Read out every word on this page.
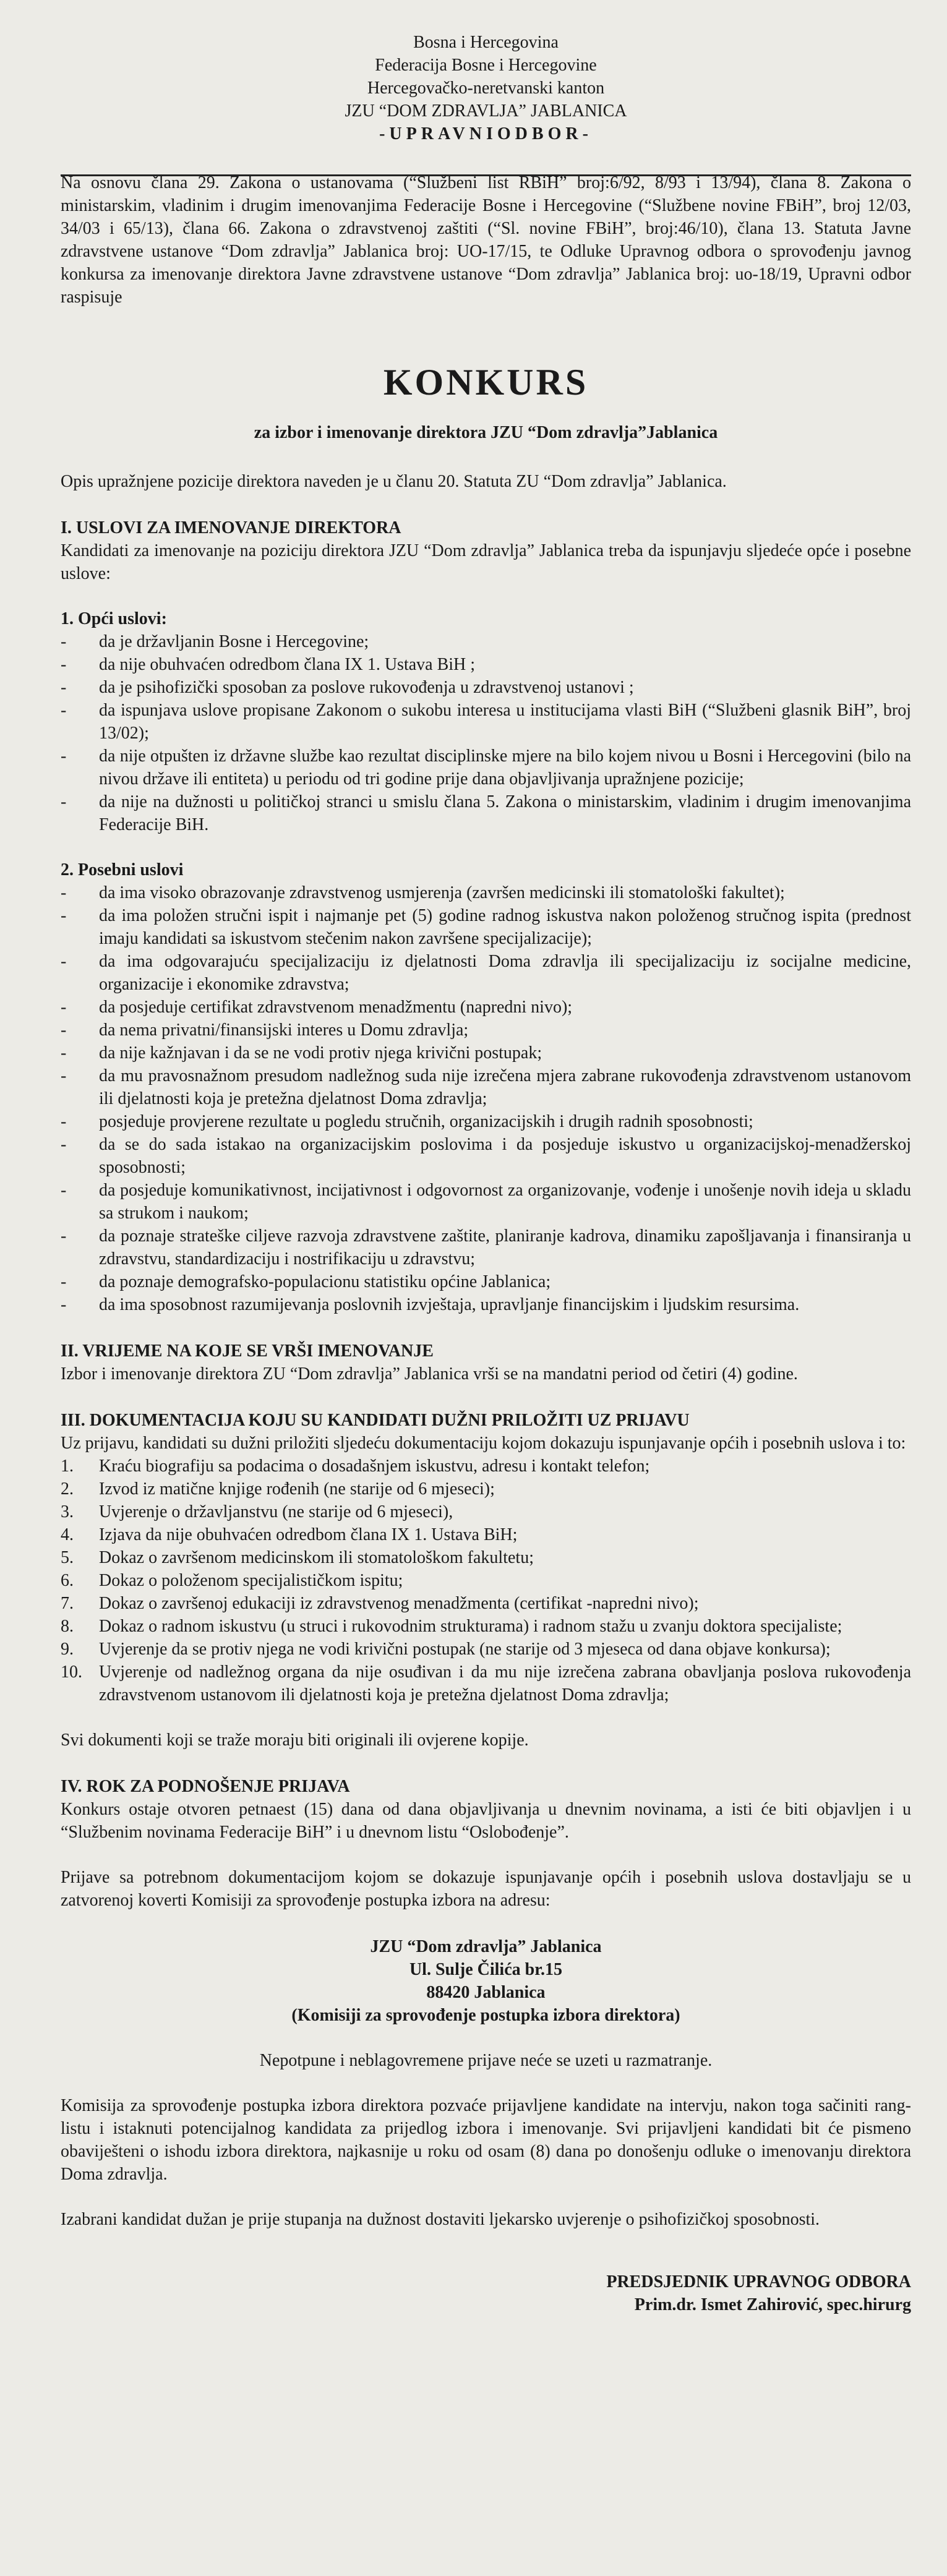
Bosna i Hercegovina
Federacija Bosne i Hercegovine
Hercegovačko-neretvanski kanton
JZU “DOM ZDRAVLJA” JABLANICA
-UPRAVNIODBOR-
Na osnovu člana 29. Zakona o ustanovama (“Službeni list RBiH” broj:6/92, 8/93 i 13/94), člana 8. Zakona o ministarskim, vladinim i drugim imenovanjima Federacije Bosne i Hercegovine (“Službene novine FBiH”, broj 12/03, 34/03 i 65/13), člana 66. Zakona o zdravstvenoj zaštiti (“Sl. novine FBiH”, broj:46/10), člana 13. Statuta Javne zdravstvene ustanove “Dom zdravlja” Jablanica broj: UO-17/15, te Odluke Upravnog odbora o sprovođenju javnog konkursa za imenovanje direktora Javne zdravstvene ustanove “Dom zdravlja” Jablanica broj: uo-18/19, Upravni odbor raspisuje
KONKURS
za izbor i imenovanje direktora JZU “Dom zdravlja”Jablanica
Opis upražnjene pozicije direktora naveden je u članu 20. Statuta ZU “Dom zdravlja” Jablanica.
I. USLOVI ZA IMENOVANJE DIREKTORA
Kandidati za imenovanje na poziciju direktora JZU “Dom zdravlja” Jablanica treba da ispunjavju sljedeće opće i posebne uslove:
1. Opći uslovi:
- da je državljanin Bosne i Hercegovine;
- da nije obuhvaćen odredbom člana IX 1. Ustava BiH ;
- da je psihofizički sposoban za poslove rukovođenja u zdravstvenoj ustanovi ;
- da ispunjava uslove propisane Zakonom o sukobu interesa u institucijama vlasti BiH (“Službeni glasnik BiH”, broj 13/02);
- da nije otpušten iz državne službe kao rezultat disciplinske mjere na bilo kojem nivou u Bosni i Hercegovini (bilo na nivou države ili entiteta) u periodu od tri godine prije dana objavljivanja upražnjene pozicije;
- da nije na dužnosti u političkoj stranci u smislu člana 5. Zakona o ministarskim, vladinim i drugim imenovanjima Federacije BiH.
2. Posebni uslovi
- da ima visoko obrazovanje zdravstvenog usmjerenja (završen medicinski ili stomatološki fakultet);
- da ima položen stručni ispit i najmanje pet (5) godine radnog iskustva nakon položenog stručnog ispita (prednost imaju kandidati sa iskustvom stečenim nakon završene specijalizacije);
- da ima odgovarajuću specijalizaciju iz djelatnosti Doma zdravlja ili specijalizaciju iz socijalne medicine, organizacije i ekonomike zdravstva;
- da posjeduje certifikat zdravstvenom menadžmentu (napredni nivo);
- da nema privatni/finansijski interes u Domu zdravlja;
- da nije kažnjavan i da se ne vodi protiv njega krivični postupak;
- da mu pravosnažnom presudom nadležnog suda nije izrečena mjera zabrane rukovođenja zdravstvenom ustanovom ili djelatnosti koja je pretežna djelatnost Doma zdravlja;
- posjeduje provjerene rezultate u pogledu stručnih, organizacijskih i drugih radnih sposobnosti;
- da se do sada istakao na organizacijskim poslovima i da posjeduje iskustvo u organizacijskoj-menadžerskoj sposobnosti;
- da posjeduje komunikativnost, incijativnost i odgovornost za organizovanje, vođenje i unošenje novih ideja u skladu sa strukom i naukom;
- da poznaje strateške ciljeve razvoja zdravstvene zaštite, planiranje kadrova, dinamiku zapošljavanja i finansiranja u zdravstvu, standardizaciju i nostrifikaciju u zdravstvu;
- da poznaje demografsko-populacionu statistiku općine Jablanica;
- da ima sposobnost razumijevanja poslovnih izvještaja, upravljanje financijskim i ljudskim resursima.
II. VRIJEME NA KOJE SE VRŠI IMENOVANJE
Izbor i imenovanje direktora ZU “Dom zdravlja” Jablanica vrši se na mandatni period od četiri (4) godine.
III. DOKUMENTACIJA KOJU SU KANDIDATI DUŽNI PRILOŽITI UZ PRIJAVU
Uz prijavu, kandidati su dužni priložiti sljedeću dokumentaciju kojom dokazuju ispunjavanje općih i posebnih uslova i to:
1. Kraću biografiju sa podacima o dosadašnjem iskustvu, adresu i kontakt telefon;
2. Izvod iz matične knjige rođenih (ne starije od 6 mjeseci);
3. Uvjerenje o državljanstvu (ne starije od 6 mjeseci),
4. Izjava da nije obuhvaćen odredbom člana IX 1. Ustava BiH;
5. Dokaz o završenom medicinskom ili stomatološkom fakultetu;
6. Dokaz o položenom specijalističkom ispitu;
7. Dokaz o završenoj edukaciji iz zdravstvenog menadžmenta (certifikat -napredni nivo);
8. Dokaz o radnom iskustvu (u struci i rukovodnim strukturama) i radnom stažu u zvanju doktora specijaliste;
9. Uvjerenje da se protiv njega ne vodi krivični postupak (ne starije od 3 mjeseca od dana objave konkursa);
10. Uvjerenje od nadležnog organa da nije osuđivan i da mu nije izrečena zabrana obavljanja poslova rukovođenja zdravstvenom ustanovom ili djelatnosti koja je pretežna djelatnost Doma zdravlja;
Svi dokumenti koji se traže moraju biti originali ili ovjerene kopije.
IV. ROK ZA PODNOŠENJE PRIJAVA
Konkurs ostaje otvoren petnaest (15) dana od dana objavljivanja u dnevnim novinama, a isti će biti objavljen i u “Službenim novinama Federacije BiH” i u dnevnom listu “Oslobođenje”.
Prijave sa potrebnom dokumentacijom kojom se dokazuje ispunjavanje općih i posebnih uslova dostavljaju se u zatvorenoj koverti Komisiji za sprovođenje postupka izbora na adresu:
JZU “Dom zdravlja” Jablanica
Ul. Sulje Čilića br.15
88420 Jablanica
(Komisiji za sprovođenje postupka izbora direktora)
Nepotpune i neblagovremene prijave neće se uzeti u razmatranje.
Komisija za sprovođenje postupka izbora direktora pozvaće prijavljene kandidate na intervju, nakon toga sačiniti rang-listu i istaknuti potencijalnog kandidata za prijedlog izbora i imenovanje. Svi prijavljeni kandidati bit će pismeno obaviješteni o ishodu izbora direktora, najkasnije u roku od osam (8) dana po donošenju odluke o imenovanju direktora Doma zdravlja.
Izabrani kandidat dužan je prije stupanja na dužnost dostaviti ljekarsko uvjerenje o psihofizičkoj sposobnosti.
PREDSJEDNIK UPRAVNOG ODBORA
Prim.dr. Ismet Zahirović, spec.hirurg
